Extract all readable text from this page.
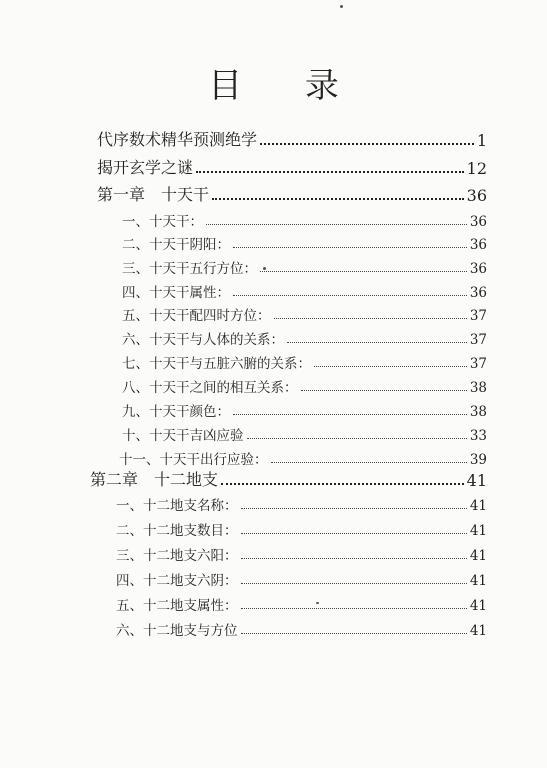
目 录
代序数术精华预测绝学	1
揭开玄学之谜	12
第一章　十天干	36
一、十天干：	36
二、十天干阴阳：	36
三、十天干五行方位：	36
四、十天干属性：	36
五、十天干配四时方位：	37
六、十天干与人体的关系：	37
七、十天干与五脏六腑的关系：	37
八、十天干之间的相互关系：	38
九、十天干颜色：	38
十、十天干吉凶应验	33
十一、十天干出行应验：	39
第二章　十二地支	41
一、十二地支名称：	41
二、十二地支数目：	41
三、十二地支六阳：	41
四、十二地支六阴：	41
五、十二地支属性：	41
六、十二地支与方位	41
